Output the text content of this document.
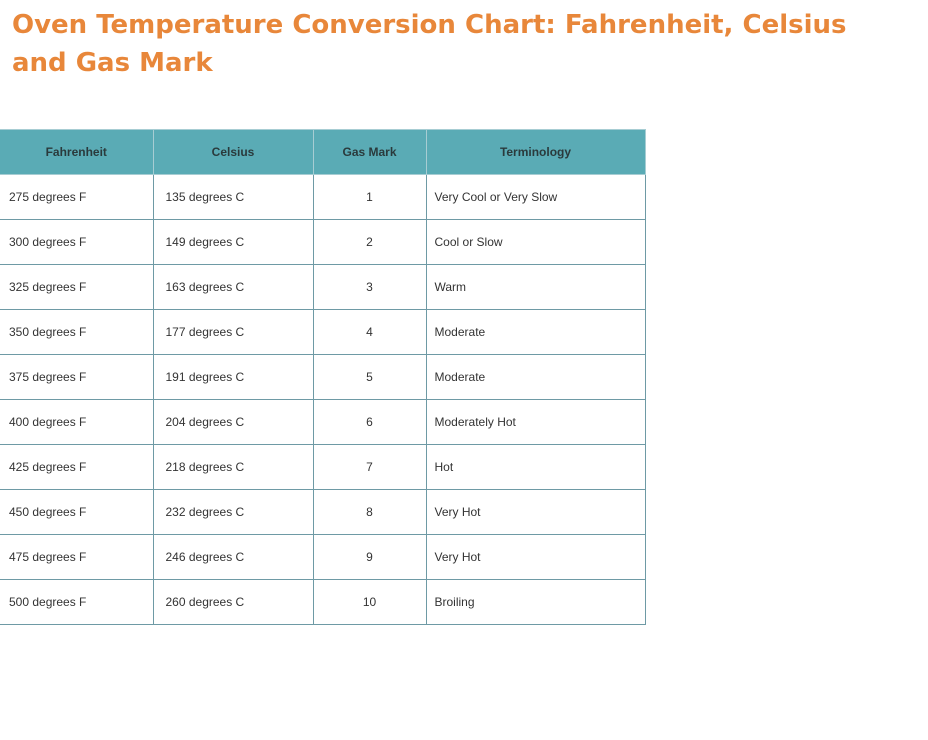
Oven Temperature Conversion Chart: Fahrenheit, Celsius and Gas Mark
Fahrenheit	Celsius	Gas Mark	Terminology
275 degrees F	135 degrees C	1	Very Cool or Very Slow
300 degrees F	149 degrees C	2	Cool or Slow
325 degrees F	163 degrees C	3	Warm
350 degrees F	177 degrees C	4	Moderate
375 degrees F	191 degrees C	5	Moderate
400 degrees F	204 degrees C	6	Moderately Hot
425 degrees F	218 degrees C	7	Hot
450 degrees F	232 degrees C	8	Very Hot
475 degrees F	246 degrees C	9	Very Hot
500 degrees F	260 degrees C	10	Broiling
